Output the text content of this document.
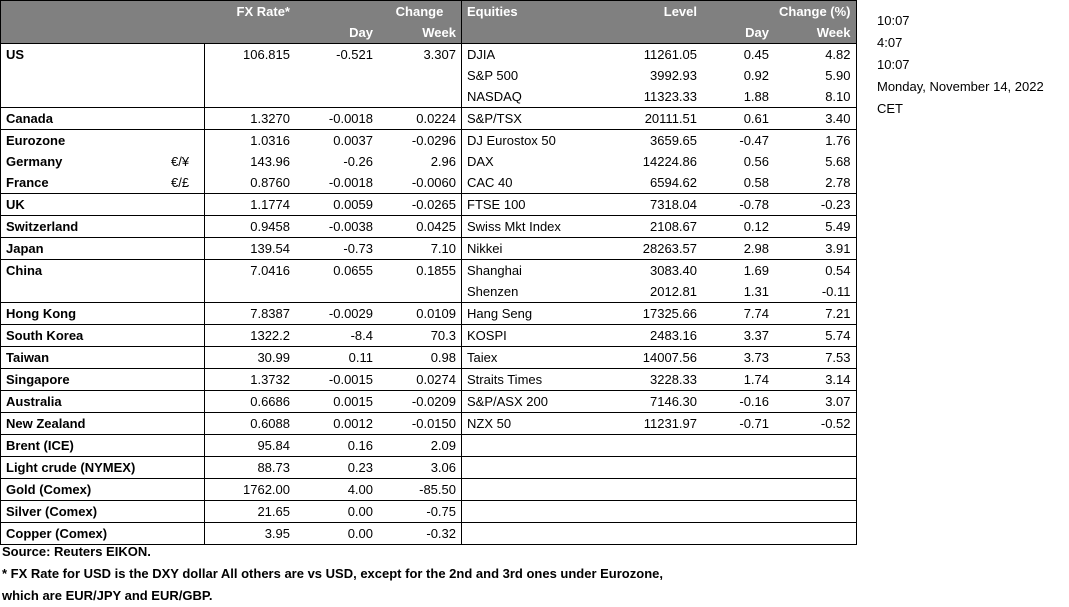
		FX Rate*		Change	Equities	Level		Change (%)
			Day	Week			Day	Week
US		106.815	-0.521	3.307	DJIA	11261.05	0.45	4.82
					S&P 500	3992.93	0.92	5.90
					NASDAQ	11323.33	1.88	8.10
Canada		1.3270	-0.0018	0.0224	S&P/TSX	20111.51	0.61	3.40
Eurozone		1.0316	0.0037	-0.0296	DJ Eurostox 50	3659.65	-0.47	1.76
Germany	€/¥	143.96	-0.26	2.96	DAX	14224.86	0.56	5.68
France	€/£	0.8760	-0.0018	-0.0060	CAC 40	6594.62	0.58	2.78
UK		1.1774	0.0059	-0.0265	FTSE 100	7318.04	-0.78	-0.23
Switzerland		0.9458	-0.0038	0.0425	Swiss Mkt Index	2108.67	0.12	5.49
Japan		139.54	-0.73	7.10	Nikkei	28263.57	2.98	3.91
China		7.0416	0.0655	0.1855	Shanghai	3083.40	1.69	0.54
					Shenzen	2012.81	1.31	-0.11
Hong Kong		7.8387	-0.0029	0.0109	Hang Seng	17325.66	7.74	7.21
South Korea		1322.2	-8.4	70.3	KOSPI	2483.16	3.37	5.74
Taiwan		30.99	0.11	0.98	Taiex	14007.56	3.73	7.53
Singapore		1.3732	-0.0015	0.0274	Straits Times	3228.33	1.74	3.14
Australia		0.6686	0.0015	-0.0209	S&P/ASX 200	7146.30	-0.16	3.07
New Zealand		0.6088	0.0012	-0.0150	NZX 50	11231.97	-0.71	-0.52
Brent (ICE)		95.84	0.16	2.09				
Light crude (NYMEX)		88.73	0.23	3.06				
Gold (Comex)		1762.00	4.00	-85.50				
Silver (Comex)		21.65	0.00	-0.75				
Copper (Comex)		3.95	0.00	-0.32				
10:07
4:07
10:07
Monday, November 14, 2022
CET
Source: Reuters EIKON.
* FX Rate for USD is the DXY dollar All others are vs USD, except for the 2nd and 3rd ones under Eurozone,
which are EUR/JPY and EUR/GBP.
